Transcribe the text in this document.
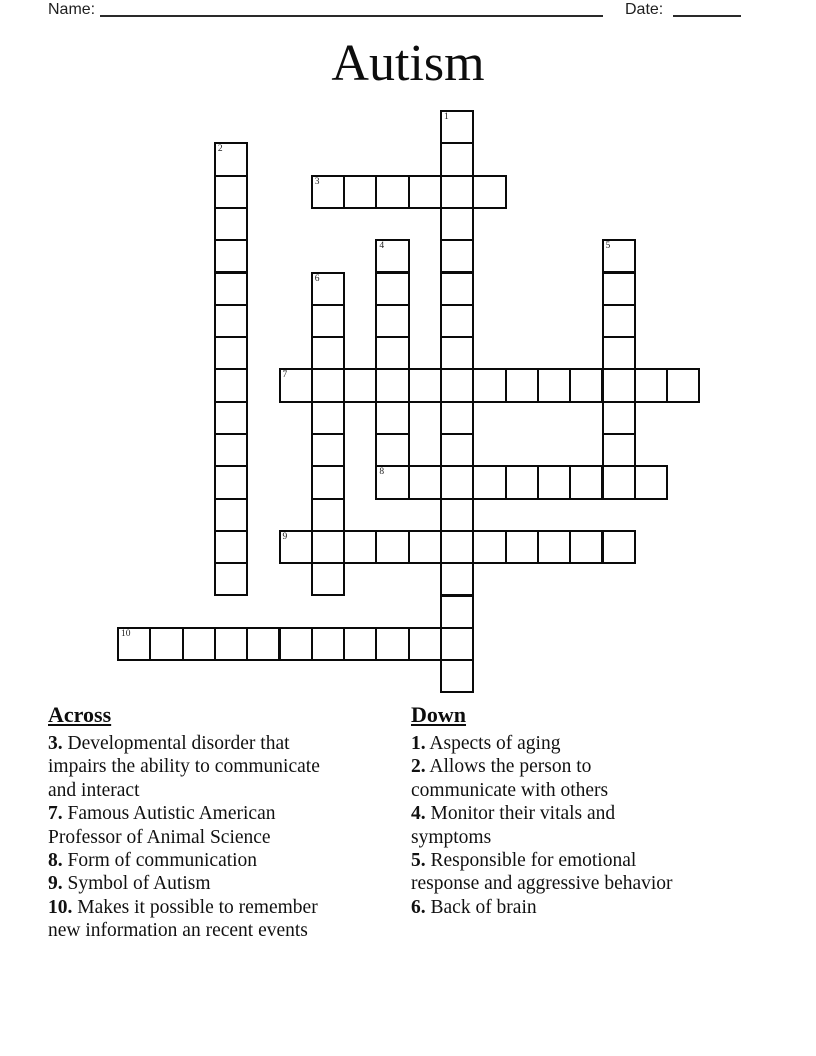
Name:	Date:
Autism
1
2
3
4
8
5
6
7
9
10

Across

3. Developmental disorder that
impairs the ability to communicate
and interact

7. Famous Autistic American
Professor of Animal Science

8. Form of communication

9. Symbol of Autism

10. Makes it possible to remember
new information an recent events

Down

1. Aspects of aging

2. Allows the person to
communicate with others

4. Monitor their vitals and
symptoms

5. Responsible for emotional
response and aggressive behavior

6. Back of brain
